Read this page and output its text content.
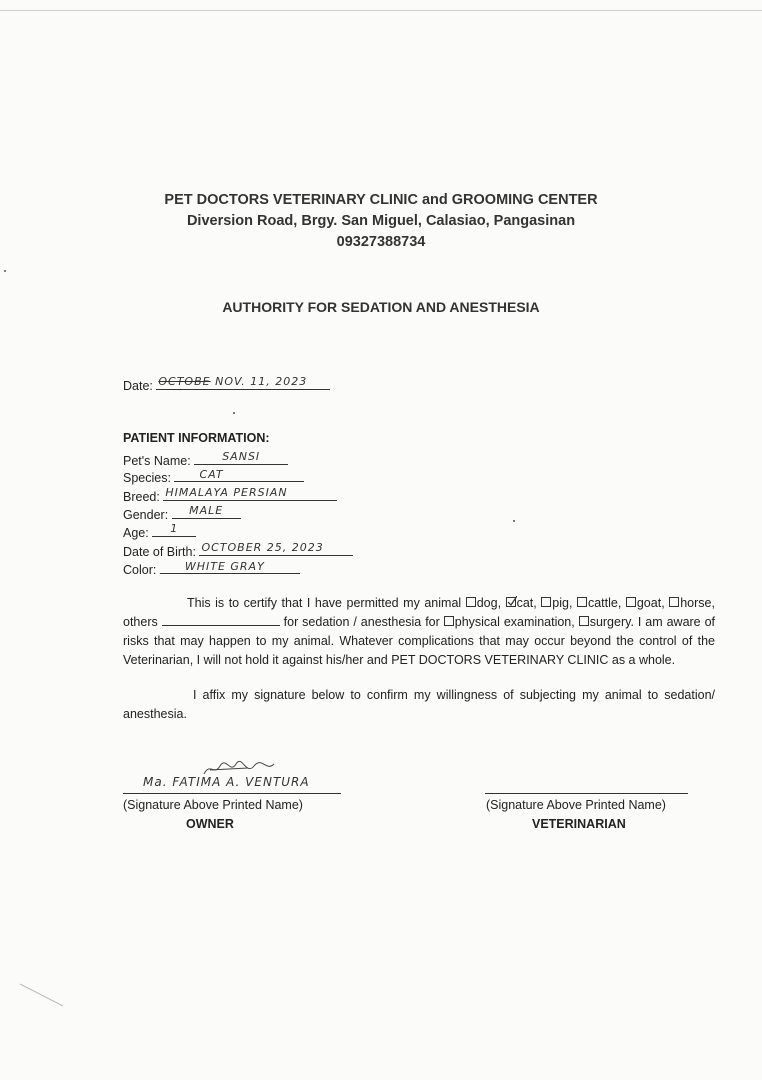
PET DOCTORS VETERINARY CLINIC and GROOMING CENTER
Diversion Road, Brgy. San Miguel, Calasiao, Pangasinan
09327388734
AUTHORITY FOR SEDATION AND ANESTHESIA
Date: OCTOBE NOV. 11, 2023
PATIENT INFORMATION:
Pet's Name:	SANSI
Species:	CAT
Breed: HIMALAYA PERSIAN
Gender: MALE
Age: 1
Date of Birth: OCTOBER 25, 2023
Color:	WHITE GRAY
This is to certify that I have permitted my animal dog, cat, pig, cattle, goat, horse, others	for sedation / anesthesia for physical examination, surgery. I am aware of risks that may happen to my animal. Whatever complications that may occur beyond the control of the Veterinarian, I will not hold it against his/her and PET DOCTORS VETERINARY CLINIC as a whole.
I affix my signature below to confirm my willingness of subjecting my animal to sedation/ anesthesia.
Ma. FATIMA A. VENTURA
(Signature Above Printed Name)
OWNER
(Signature Above Printed Name)
VETERINARIAN
